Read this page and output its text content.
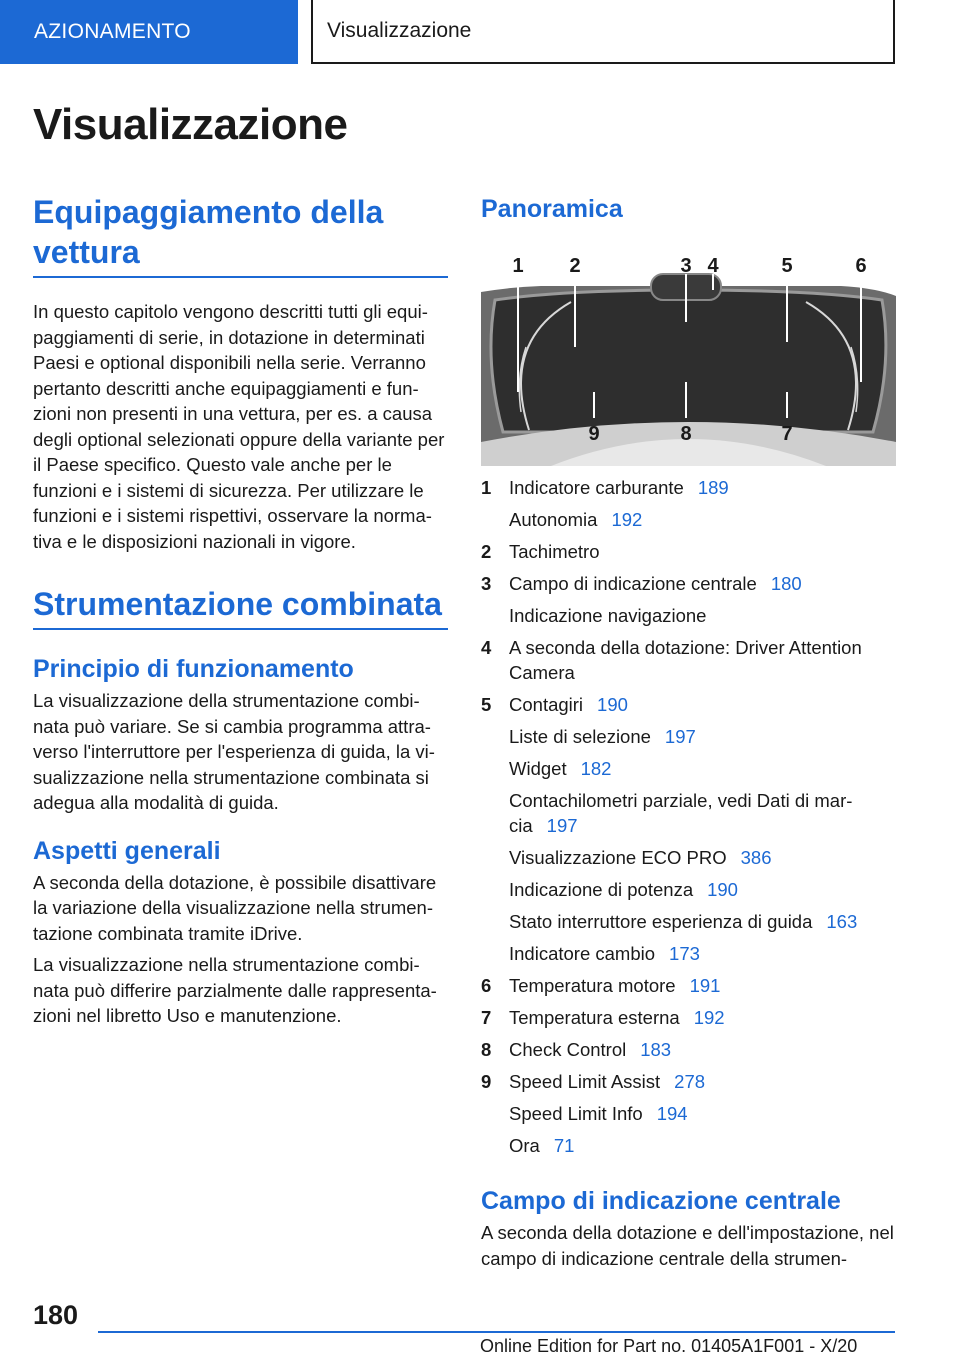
AZIONAMENTO	Visualizzazione
Visualizzazione
Equipaggiamento della vettura

In questo capitolo vengono descritti tutti gli equi-paggiamenti di serie, in dotazione in determinati Paesi e optional disponibili nella serie. Verranno pertanto descritti anche equipaggiamenti e fun-zioni non presenti in una vettura, per es. a causa degli optional selezionati oppure della variante per il Paese specifico. Questo vale anche per le funzioni e i sistemi di sicurezza. Per utilizzare le funzioni e i sistemi rispettivi, osservare la norma-tiva e le disposizioni nazionali in vigore.

Strumentazione combinata
Principio di funzionamento

La visualizzazione della strumentazione combi-nata può variare. Se si cambia programma attra-verso l'interruttore per l'esperienza di guida, la vi-sualizzazione nella strumentazione combinata si adegua alla modalità di guida.

Aspetti generali

A seconda della dotazione, è possibile disattivare la variazione della visualizzazione nella strumen-tazione combinata tramite iDrive.

La visualizzazione nella strumentazione combi-nata può differire parzialmente dalle rappresenta-zioni nel libretto Uso e manutenzione.

Panoramica
1 2	3 4	5	6
9	8	7
1 Indicatore carburante 189
Autonomia 192
2 Tachimetro
3 Campo di indicazione centrale 180
Indicazione navigazione
4 A seconda della dotazione: Driver Attention Camera
5 Contagiri 190
Liste di selezione 197
Widget 182
Contachilometri parziale, vedi Dati di mar-cia 197
Visualizzazione ECO PRO 386
Indicazione di potenza 190
Stato interruttore esperienza di guida 163
Indicatore cambio 173
6 Temperatura motore 191
7 Temperatura esterna 192
8 Check Control 183
9 Speed Limit Assist 278
Speed Limit Info 194
Ora 71
Campo di indicazione centrale

A seconda della dotazione e dell'impostazione, nel campo di indicazione centrale della strumen-

180
Online Edition for Part no. 01405A1F001 - X/20
